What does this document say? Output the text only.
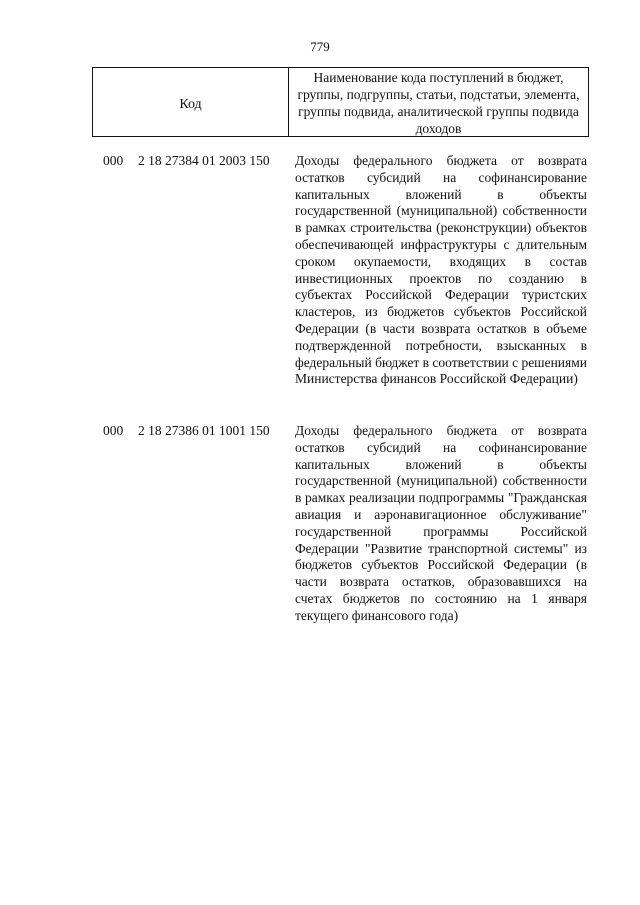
779
Код
Наименование кода поступлений в бюджет, группы, подгруппы, статьи, подстатьи, элемента, группы подвида, аналитической группы подвида доходов
000 2 18 27384 01 2003 150 Доходы федерального бюджета от возврата остатков субсидий на софинансирование капитальных вложений в объекты государственной (муниципальной) собственности в рамках строительства (реконструкции) объектов обеспечивающей инфраструктуры с длительным сроком окупаемости, входящих в состав инвестиционных проектов по созданию в субъектах Российской Федерации туристских кластеров, из бюджетов субъектов Российской Федерации (в части возврата остатков в объеме подтвержденной потребности, взысканных в федеральный бюджет в соответствии с решениями Министерства финансов Российской Федерации)
000 2 18 27386 01 1001 150 Доходы федерального бюджета от возврата остатков субсидий на софинансирование капитальных вложений в объекты государственной (муниципальной) собственности в рамках реализации подпрограммы "Гражданская авиация и аэронавигационное обслуживание" государственной программы Российской Федерации "Развитие транспортной системы" из бюджетов субъектов Российской Федерации (в части возврата остатков, образовавшихся на счетах бюджетов по состоянию на 1 января текущего финансового года)
